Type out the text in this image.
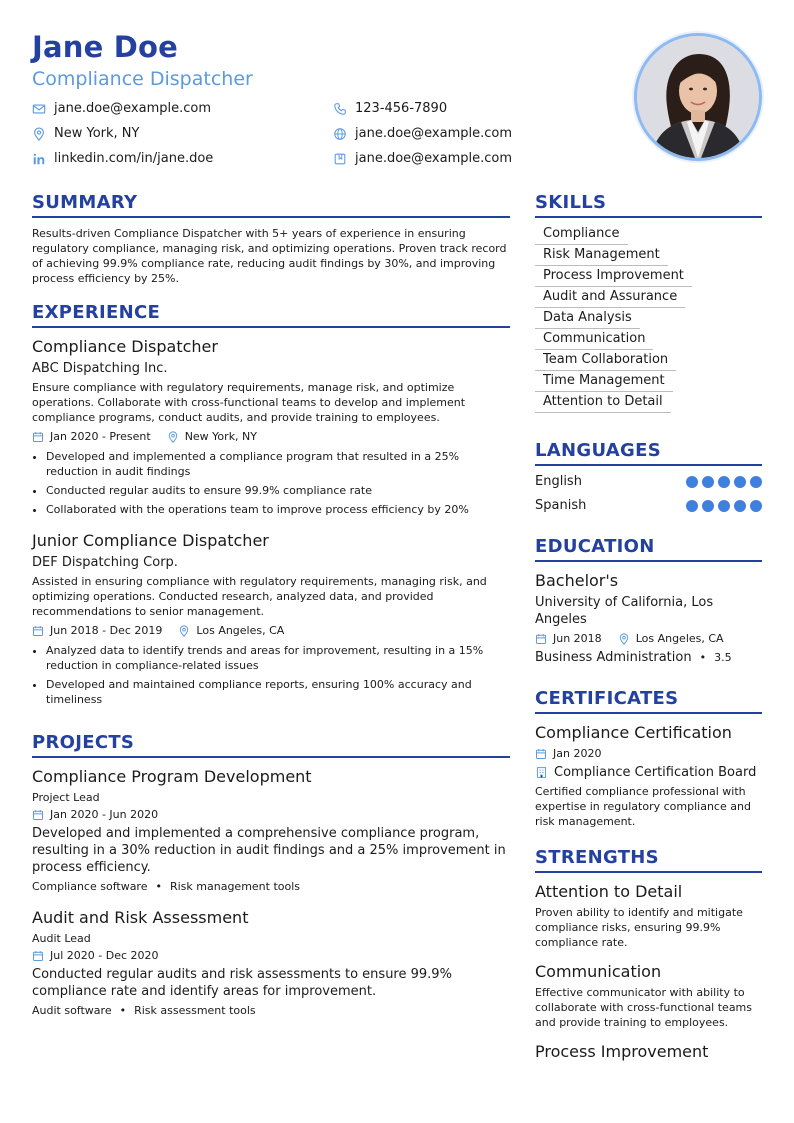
Jane Doe
Compliance Dispatcher
jane.doe@example.com	123-456-7890
New York, NY	jane.doe@example.com
linkedin.com/in/jane.doe	jane.doe@example.com
SUMMARY
Results-driven Compliance Dispatcher with 5+ years of experience in ensuring regulatory compliance, managing risk, and optimizing operations. Proven track record of achieving 99.9% compliance rate, reducing audit findings by 30%, and improving process efficiency by 25%.
EXPERIENCE
Compliance Dispatcher
ABC Dispatching Inc.
Ensure compliance with regulatory requirements, manage risk, and optimize operations. Collaborate with cross-functional teams to develop and implement compliance programs, conduct audits, and provide training to employees.
Jan 2020 - Present	New York, NY
• Developed and implemented a compliance program that resulted in a 25% reduction in audit findings
• Conducted regular audits to ensure 99.9% compliance rate
• Collaborated with the operations team to improve process efficiency by 20%
Junior Compliance Dispatcher
DEF Dispatching Corp.
Assisted in ensuring compliance with regulatory requirements, managing risk, and optimizing operations. Conducted research, analyzed data, and provided recommendations to senior management.
Jun 2018 - Dec 2019	Los Angeles, CA
• Analyzed data to identify trends and areas for improvement, resulting in a 15% reduction in compliance-related issues
• Developed and maintained compliance reports, ensuring 100% accuracy and timeliness
PROJECTS
Compliance Program Development
Project Lead
Jan 2020 - Jun 2020
Developed and implemented a comprehensive compliance program, resulting in a 30% reduction in audit findings and a 25% improvement in process efficiency.
Compliance software • Risk management tools
Audit and Risk Assessment
Audit Lead
Jul 2020 - Dec 2020
Conducted regular audits and risk assessments to ensure 99.9% compliance rate and identify areas for improvement.
Audit software • Risk assessment tools
SKILLS
Compliance
Risk Management
Process Improvement
Audit and Assurance
Data Analysis
Communication
Team Collaboration
Time Management
Attention to Detail
LANGUAGES
English
Spanish
EDUCATION
Bachelor's
University of California, Los Angeles
Jun 2018	Los Angeles, CA
Business Administration • 3.5
CERTIFICATES
Compliance Certification
Jan 2020
Compliance Certification Board
Certified compliance professional with expertise in regulatory compliance and risk management.
STRENGTHS
Attention to Detail
Proven ability to identify and mitigate compliance risks, ensuring 99.9% compliance rate.
Communication
Effective communicator with ability to collaborate with cross-functional teams and provide training to employees.
Process Improvement
